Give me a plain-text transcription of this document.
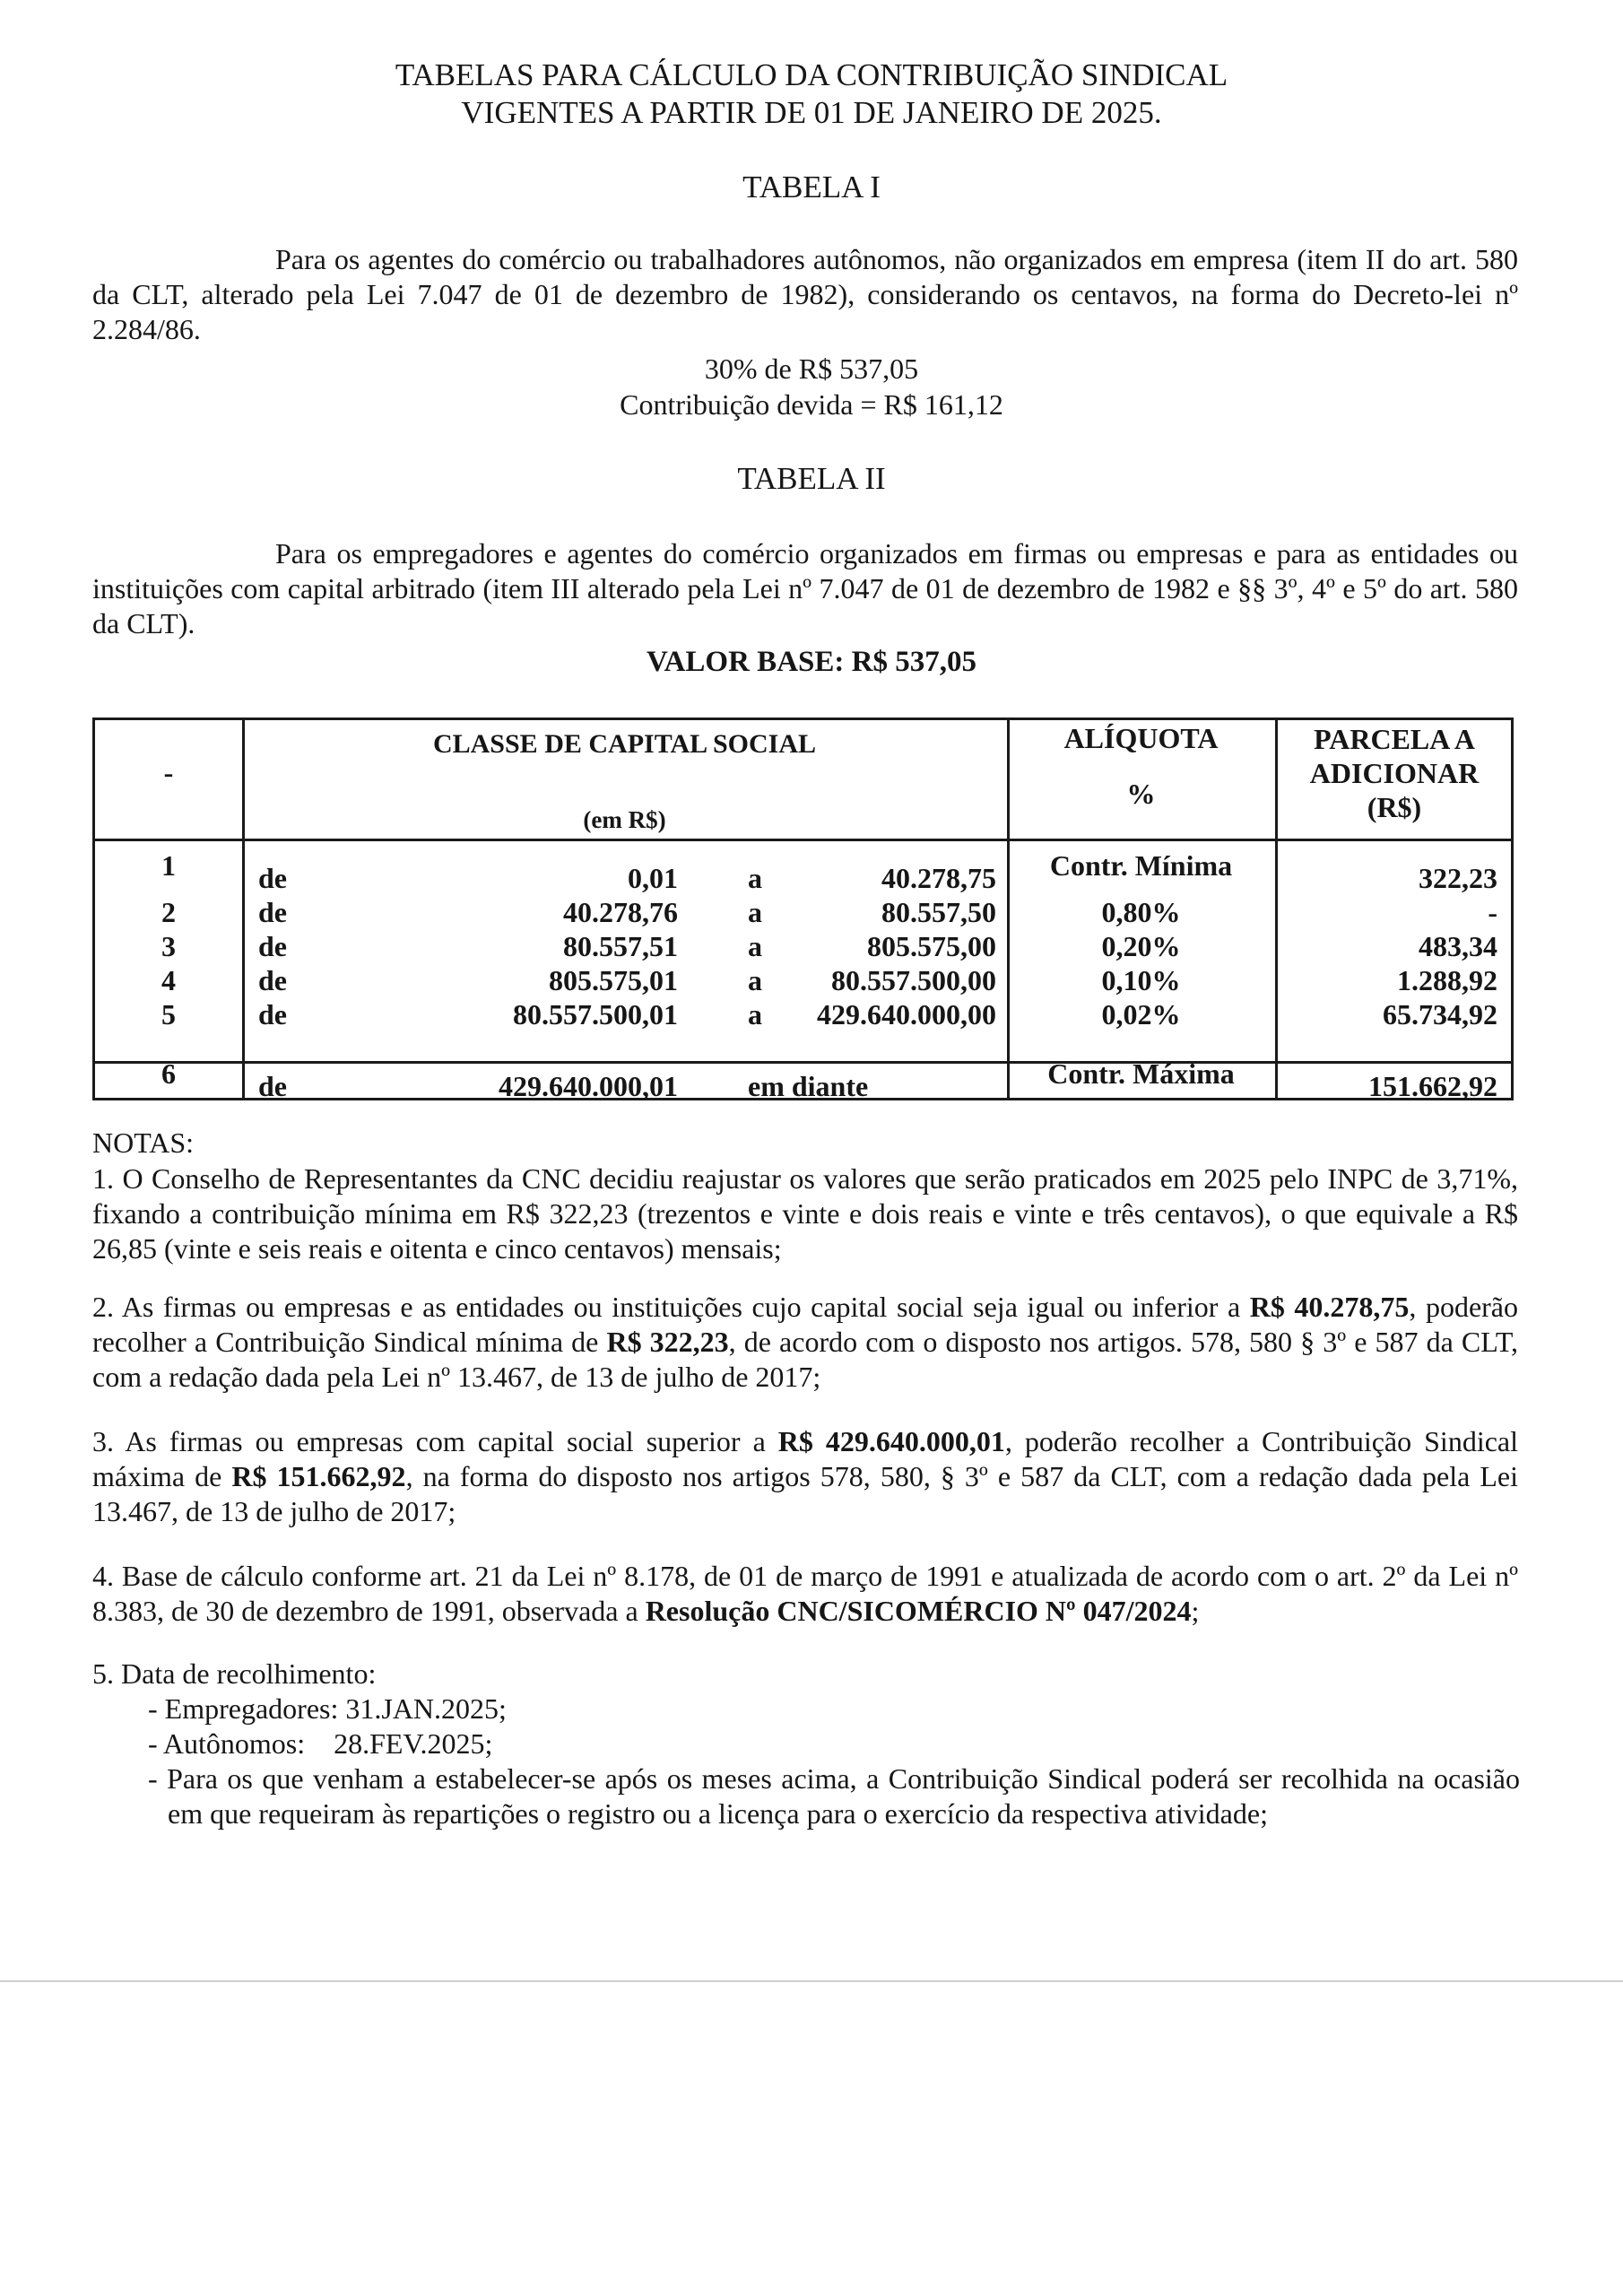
TABELAS PARA CÁLCULO DA CONTRIBUIÇÃO SINDICAL
VIGENTES A PARTIR DE 01 DE JANEIRO DE 2025.
TABELA I

Para os agentes do comércio ou trabalhadores autônomos, não organizados em empresa (item II do art. 580 da CLT, alterado pela Lei 7.047 de 01 de dezembro de 1982), considerando os centavos, na forma do Decreto-lei nº 2.284/86.

30% de R$ 537,05
Contribuição devida = R$ 161,12
TABELA II

Para os empregadores e agentes do comércio organizados em firmas ou empresas e para as entidades ou instituições com capital arbitrado (item III alterado pela Lei nº 7.047 de 01 de dezembro de 1982 e §§ 3º, 4º e 5º do art. 580 da CLT).

VALOR BASE: R$ 537,05
-
CLASSE DE CAPITAL SOCIAL
(em R$)
ALÍQUOTA
%
PARCELA A
ADICIONAR
(R$)
1	de	0,01 a	40.278,75	Contr. Mínima	322,23
2	de	40.278,76 a	80.557,50	0,80%	-
3	de	80.557,51 a	805.575,00	0,20%	483,34
4	de	805.575,01 a	80.557.500,00	0,10%	1.288,92
5	de	80.557.500,01 a	429.640.000,00	0,02%	65.734,92
6	de	429.640.000,01 em diante	Contr. Máxima	151.662,92
NOTAS:

1. O Conselho de Representantes da CNC decidiu reajustar os valores que serão praticados em 2025 pelo INPC de 3,71%, fixando a contribuição mínima em R$ 322,23 (trezentos e vinte e dois reais e vinte e três centavos), o que equivale a R$ 26,85 (vinte e seis reais e oitenta e cinco centavos) mensais;

2. As firmas ou empresas e as entidades ou instituições cujo capital social seja igual ou inferior a R$ 40.278,75, poderão recolher a Contribuição Sindical mínima de R$ 322,23, de acordo com o disposto nos artigos. 578, 580 § 3º e 587 da CLT, com a redação dada pela Lei nº 13.467, de 13 de julho de 2017;

3. As firmas ou empresas com capital social superior a R$ 429.640.000,01, poderão recolher a Contribuição Sindical máxima de R$ 151.662,92, na forma do disposto nos artigos 578, 580, § 3º e 587 da CLT, com a redação dada pela Lei 13.467, de 13 de julho de 2017;

4. Base de cálculo conforme art. 21 da Lei nº 8.178, de 01 de março de 1991 e atualizada de acordo com o art. 2º da Lei nº 8.383, de 30 de dezembro de 1991, observada a Resolução CNC/SICOMÉRCIO Nº 047/2024;

5. Data de recolhimento:
- Empregadores: 31.JAN.2025;
- Autônomos:    28.FEV.2025;
- Para os que venham a estabelecer-se após os meses acima, a Contribuição Sindical poderá ser recolhida na ocasião em que requeiram às repartições o registro ou a licença para o exercício da respectiva atividade;
